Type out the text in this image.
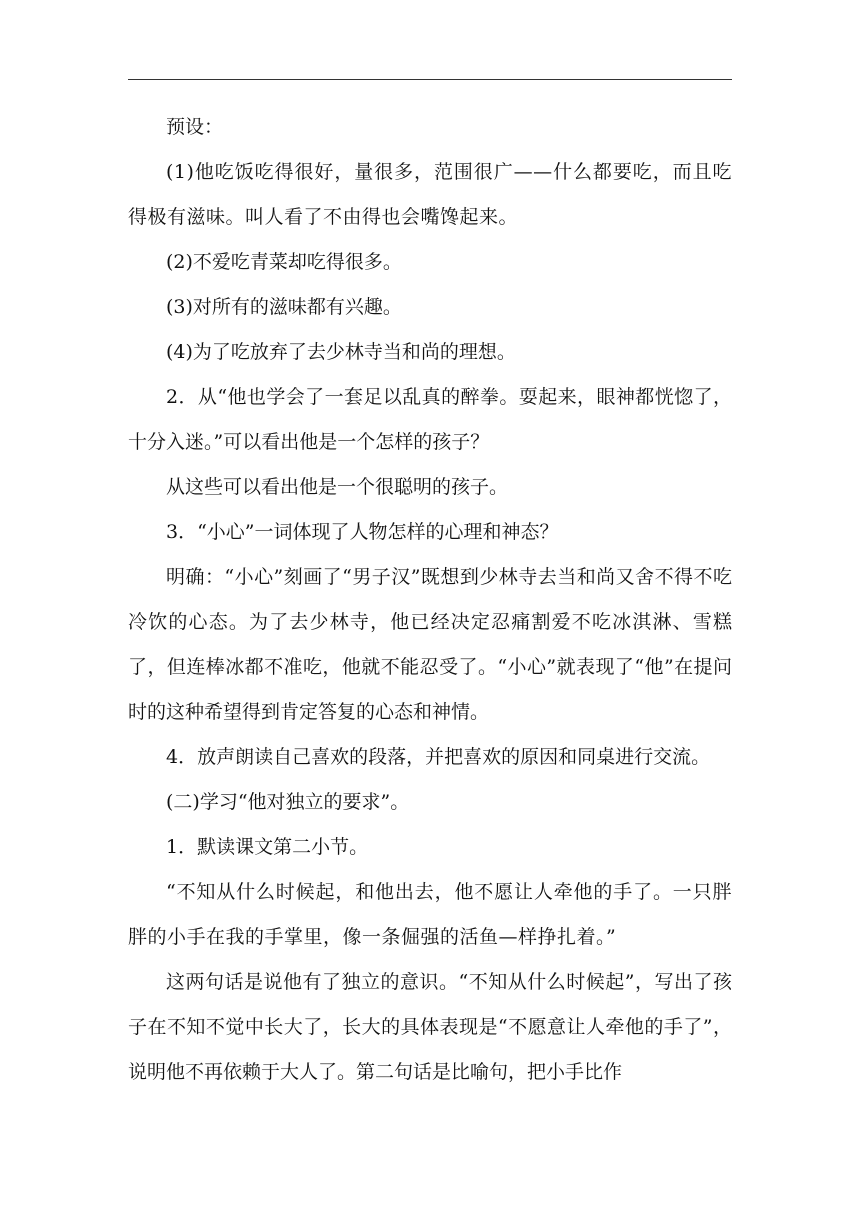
预设：

(1)他吃饭吃得很好，量很多，范围很广——什么都要吃，而且吃得极有滋味。叫人看了不由得也会嘴馋起来。

(2)不爱吃青菜却吃得很多。

(3)对所有的滋味都有兴趣。

(4)为了吃放弃了去少林寺当和尚的理想。

2．从“他也学会了一套足以乱真的醉拳。耍起来，眼神都恍惚了，十分入迷。”可以看出他是一个怎样的孩子？

从这些可以看出他是一个很聪明的孩子。

3．“小心”一词体现了人物怎样的心理和神态？

明确：“小心”刻画了“男子汉”既想到少林寺去当和尚又舍不得不吃冷饮的心态。为了去少林寺，他已经决定忍痛割爱不吃冰淇淋、雪糕了，但连棒冰都不准吃，他就不能忍受了。“小心”就表现了“他”在提问时的这种希望得到肯定答复的心态和神情。

4．放声朗读自己喜欢的段落，并把喜欢的原因和同桌进行交流。

(二)学习“他对独立的要求”。

1．默读课文第二小节。

“不知从什么时候起，和他出去，他不愿让人牵他的手了。一只胖胖的小手在我的手掌里，像一条倔强的活鱼—样挣扎着。”

这两句话是说他有了独立的意识。“不知从什么时候起”，写出了孩子在不知不觉中长大了，长大的具体表现是“不愿意让人牵他的手了”，说明他不再依赖于大人了。第二句话是比喻句，把小手比作
